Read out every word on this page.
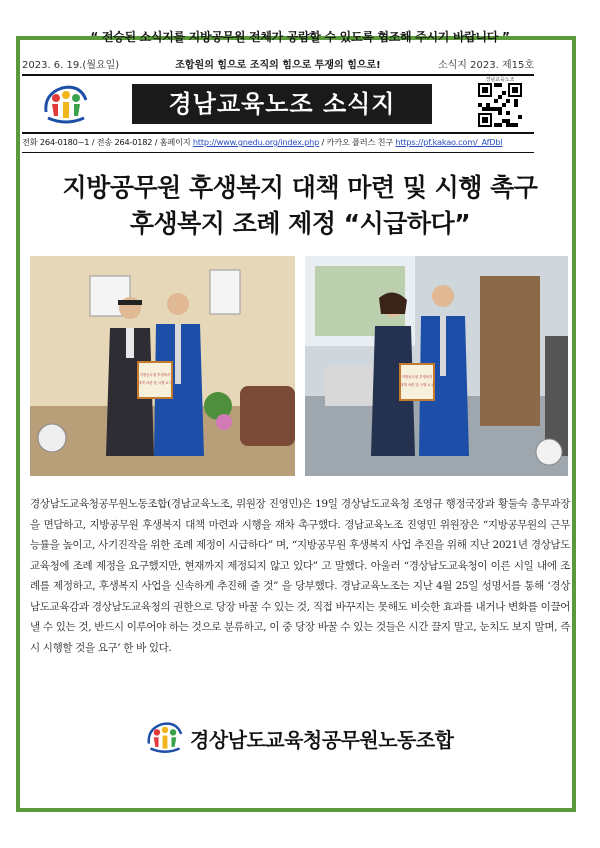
“ 전승된 소식지를 지방공무원 전체가 공람할 수 있도록 협조해 주시기 바랍니다 ”
2023. 6. 19.(월요일)	조합원의 힘으로 조직의 힘으로 투쟁의 힘으로!	소식지 2023. 제15호
경남교육노조 소식지
경남교육노조
전화 264-0180~1 / 전송 264-0182 / 홈페이지 http://www.gnedu.org/index.php / 카카오 플러스 친구 https://pf.kakao.com/_AfDbl
지방공무원 후생복지 대책 마련 및 시행 촉구
후생복지 조례 제정 “시급하다”
지방공무원 후생복지
대책 마련 및 시행 요구
지방공무원 후생복지
대책 마련 및 시행 요구
경상남도교육청공무원노동조합(경남교육노조, 위원장 진영민)은 19일 경상남도교육청 조영규 행정국장과 황둘숙 총무과장을 면담하고, 지방공무원 후생복지 대책 마련과 시행을 재차 촉구했다. 경남교육노조 진영민 위원장은 “지방공무원의 근무 능률을 높이고, 사기진작을 위한 조례 제정이 시급하다” 며, “지방공무원 후생복지 사업 추진을 위해 지난 2021년 경상남도교육청에 조례 제정을 요구했지만, 현재까지 제정되지 않고 있다” 고 말했다. 아울러 “경상남도교육청이 이른 시일 내에 조례를 제정하고, 후생복지 사업을 신속하게 추진해 줄 것” 을 당부했다. 경남교육노조는 지난 4월 25일 성명서를 통해 ‘경상남도교육감과 경상남도교육청의 권한으로 당장 바꿀 수 있는 것, 직접 바꾸지는 못해도 비슷한 효과를 내거나 변화를 이끌어 낼 수 있는 것, 반드시 이루어야 하는 것으로 분류하고, 이 중 당장 바꿀 수 있는 것들은 시간 끌지 말고, 눈치도 보지 말며, 즉시 시행할 것을 요구’ 한 바 있다.
경상남도교육청공무원노동조합
